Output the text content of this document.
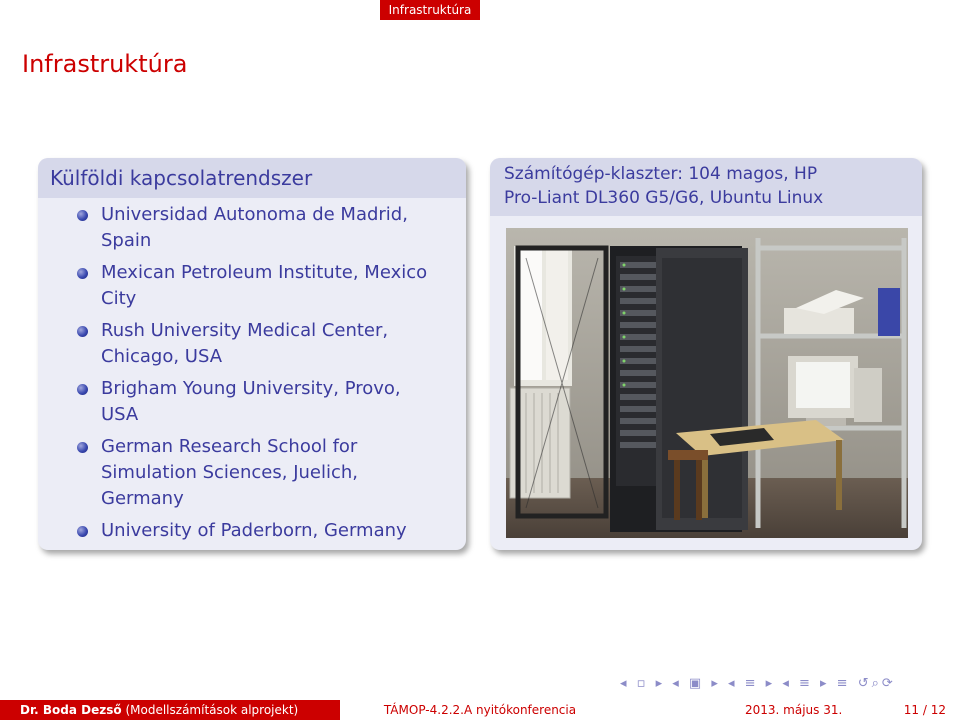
Infrastruktúra
Infrastruktúra
Külföldi kapcsolatrendszer
Universidad Autonoma de Madrid,
Spain
Mexican Petroleum Institute, Mexico
City
Rush University Medical Center,
Chicago, USA
Brigham Young University, Provo,
USA
German Research School for
Simulation Sciences, Juelich,
Germany
University of Paderborn, Germany
Számítógép-klaszter: 104 magos, HP
Pro-Liant DL360 G5/G6, Ubuntu Linux
◂ ▫ ▸ ◂ ▣ ▸ ◂ ≡ ▸ ◂ ≡ ▸ ≡ ↺⌕⟳
Dr. Boda Dezső (Modellszámítások alprojekt)	TÁMOP-4.2.2.A nyitókonferencia	2013. május 31.	11 / 12
